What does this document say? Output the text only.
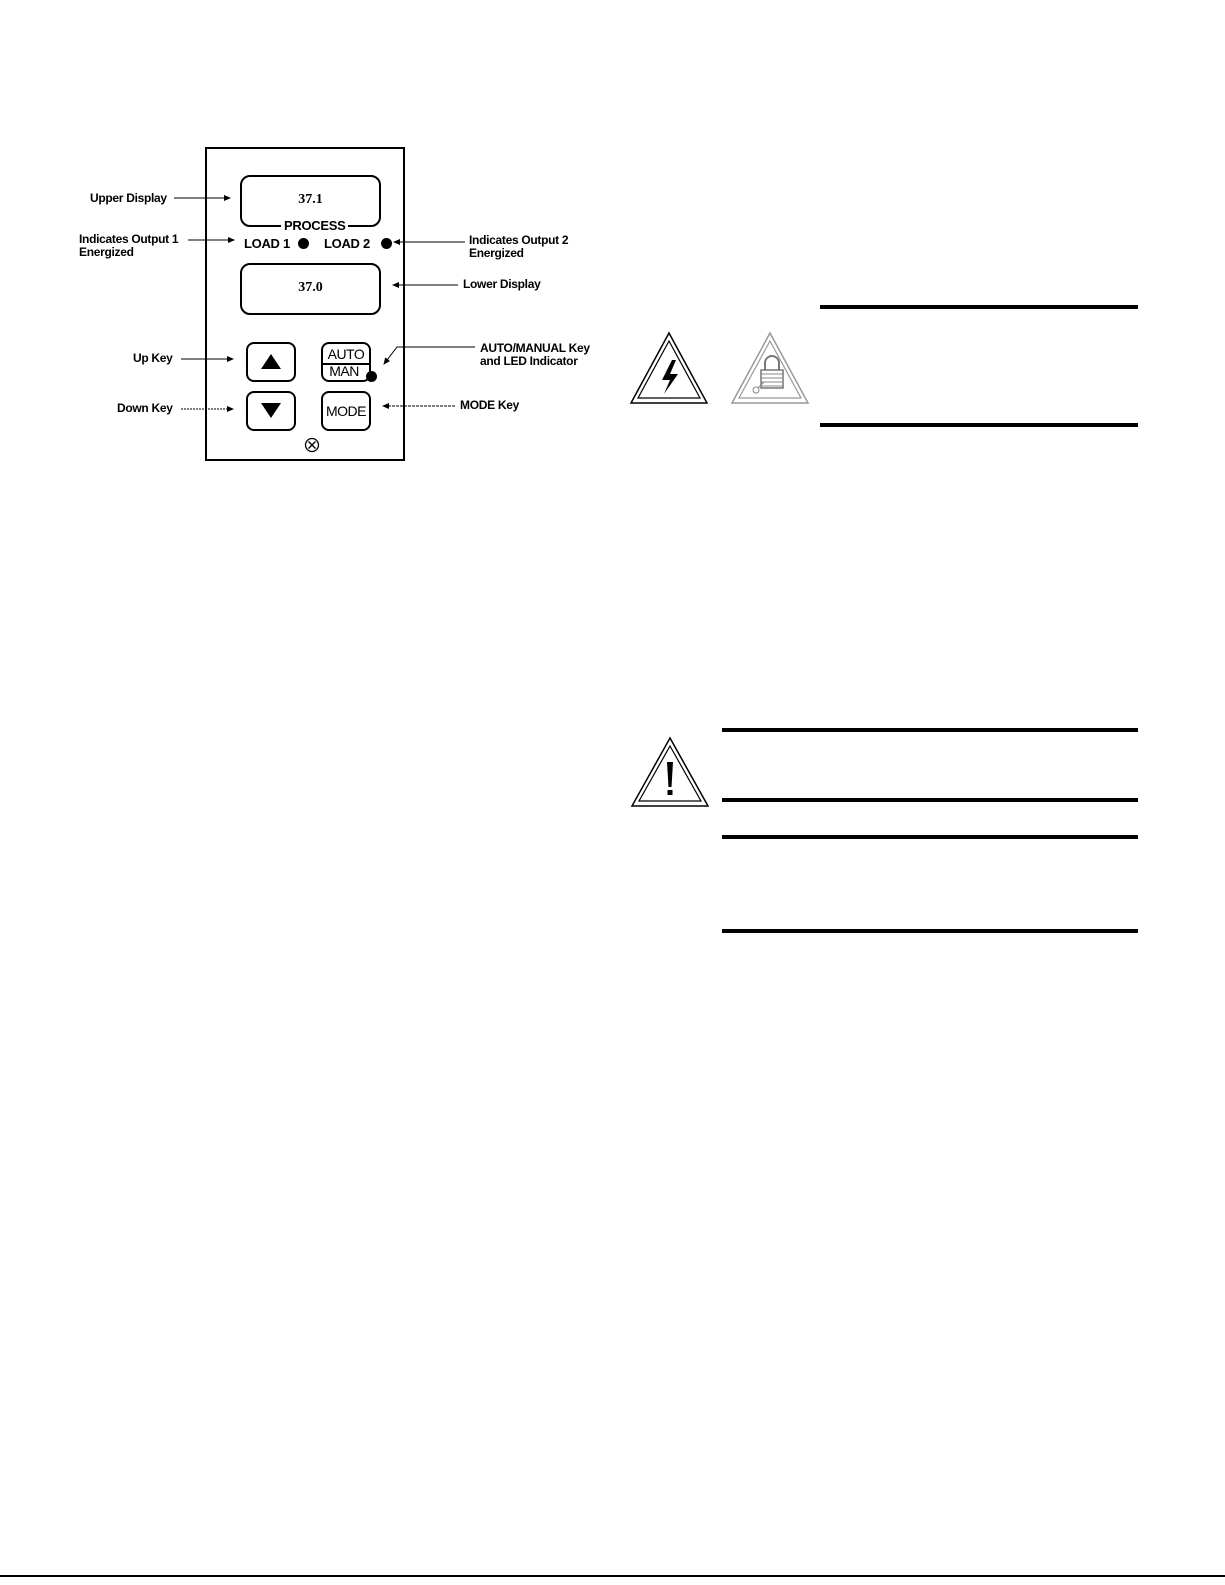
37.1
PROCESS
LOAD 1	LOAD 2
37.0
AUTO
MAN
MODE
Upper Display
Indicates Output 1
Energized
Indicates Output 2
Energized
Lower Display
Up Key
AUTO/MANUAL Key
and LED Indicator
Down Key	MODE Key
